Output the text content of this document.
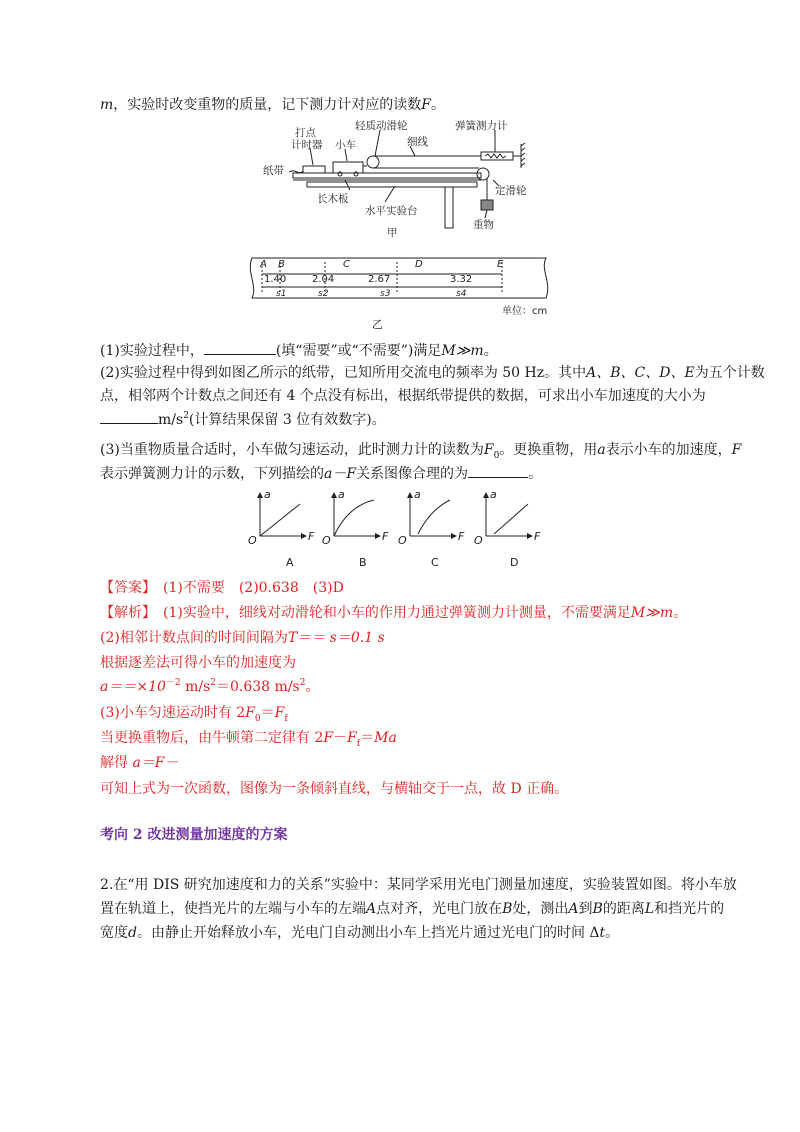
m，实验时改变重物的质量，记下测力计对应的读数F。
打点
计时器 小车
轻质动滑轮
细线
弹簧测力计
纸带
定滑轮
长木板
水平实验台
重物
甲
A B	C	D	E
1.40	2.04	2.67	3.32
s1	s2	s3	s4
单位：cm
乙
(1)实验过程中，	(填“需要”或“不需要”)满足M≫m。
(2)实验过程中得到如图乙所示的纸带，已知所用交流电的频率为 50 Hz。其中A、B、C、D、E为五个计数
点，相邻两个计数点之间还有 4 个点没有标出，根据纸带提供的数据，可求出小车加速度的大小为
$m/s^2$(计算结果保留 3 位有效数字)。
(3)当重物质量合适时，小车做匀速运动，此时测力计的读数为$F_0$。更换重物，用a表示小车的加速度，F
表示弹簧测力计的示数，下列描绘的a－F关系图像合理的为	。
a
F
O
a
F
O
a
F
O
a
F
O
A	B	C	D
【答案】　 (1)不需要　(2)0.638　(3)D
【解析】　 (1)实验中，细线对动滑轮和小车的作用力通过弹簧测力计测量，不需要满足M≫m。
(2)相邻计数点间的时间间隔为T＝＝ s＝0.1 s
根据逐差法可得小车的加速度为
$a==\times 10^{-2}$ $m/s^2=0.638$ $m/s^2$。
(3)小车匀速运动时有 $2F_0=F_f$
当更换重物后，由牛顿第二定律有 $2F-F_f=Ma$
解得 a＝F－
可知上式为一次函数，图像为一条倾斜直线，与横轴交于一点，故 D 正确。
考向 2 改进测量加速度的方案
2.在“用 DIS 研究加速度和力的关系”实验中：某同学采用光电门测量加速度，实验装置如图。将小车放
置在轨道上，使挡光片的左端与小车的左端A点对齐，光电门放在B处，测出A到B的距离L和挡光片的
宽度d。由静止开始释放小车，光电门自动测出小车上挡光片通过光电门的时间 Δt。
